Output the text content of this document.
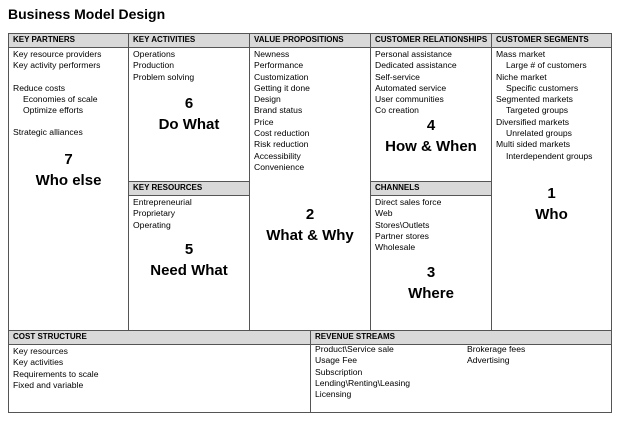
Business Model Design
KEY PARTNERS
Key resource providers
Key activity performers
Reduce costs
Economies of scale
Optimize efforts
Strategic alliances
7
Who else
KEY ACTIVITIES
Operations
Production
Problem solving
6
Do What
KEY RESOURCES
Entrepreneurial
Proprietary
Operating
5
Need What
VALUE PROPOSITIONS
Newness
Performance
Customization
Getting it done
Design
Brand status
Price
Cost reduction
Risk reduction
Accessibility
Convenience
2
What & Why
CUSTOMER RELATIONSHIPS
Personal assistance
Dedicated assistance
Self-service
Automated service
User communities
Co creation
4
How & When
CHANNELS
Direct sales force
Web
Stores\Outlets
Partner stores
Wholesale
3
Where
CUSTOMER SEGMENTS
Mass market
Large # of customers
Niche market
Specific customers
Segmented markets
Targeted groups
Diversified markets
Unrelated groups
Multi sided markets
Interdependent groups
1
Who
COST STRUCTURE
Key resources
Key activities
Requirements to scale
Fixed and variable
REVENUE STREAMS
Product\Service sale
Usage Fee
Subscription
Lending\Renting\Leasing
Licensing
Brokerage fees
Advertising
